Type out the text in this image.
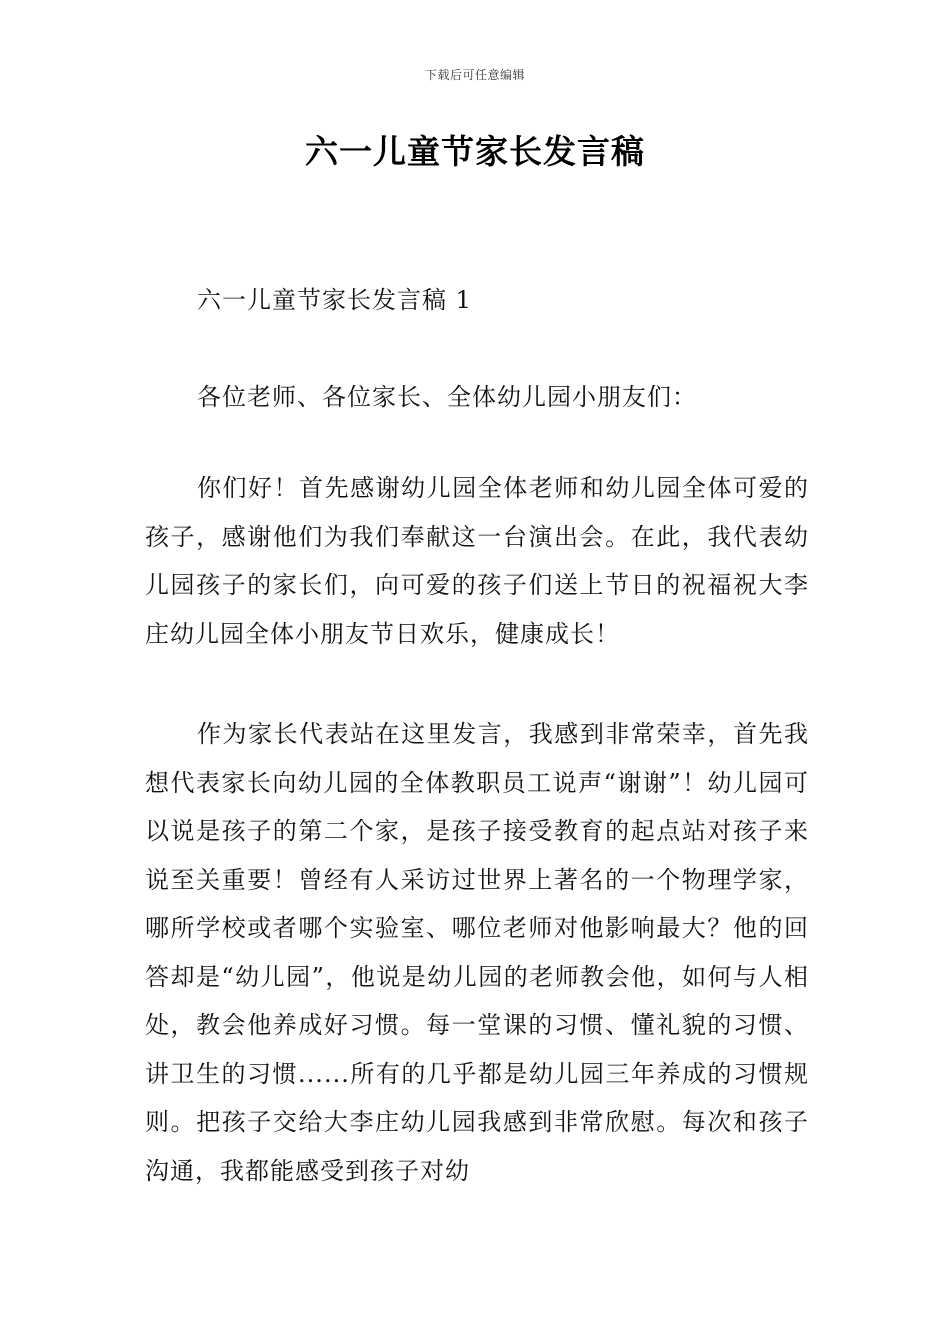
下载后可任意编辑
六一儿童节家长发言稿

六一儿童节家长发言稿 1

各位老师、各位家长、全体幼儿园小朋友们：

你们好！首先感谢幼儿园全体老师和幼儿园全体可爱的孩子，感谢他们为我们奉献这一台演出会。在此，我代表幼儿园孩子的家长们，向可爱的孩子们送上节日的祝福祝大李庄幼儿园全体小朋友节日欢乐，健康成长！

作为家长代表站在这里发言，我感到非常荣幸，首先我想代表家长向幼儿园的全体教职员工说声“谢谢”！幼儿园可以说是孩子的第二个家，是孩子接受教育的起点站对孩子来说至关重要！曾经有人采访过世界上著名的一个物理学家，哪所学校或者哪个实验室、哪位老师对他影响最大？他的回答却是“幼儿园”，他说是幼儿园的老师教会他，如何与人相处，教会他养成好习惯。每一堂课的习惯、懂礼貌的习惯、讲卫生的习惯......所有的几乎都是幼儿园三年养成的习惯规则。把孩子交给大李庄幼儿园我感到非常欣慰。每次和孩子沟通，我都能感受到孩子对幼
